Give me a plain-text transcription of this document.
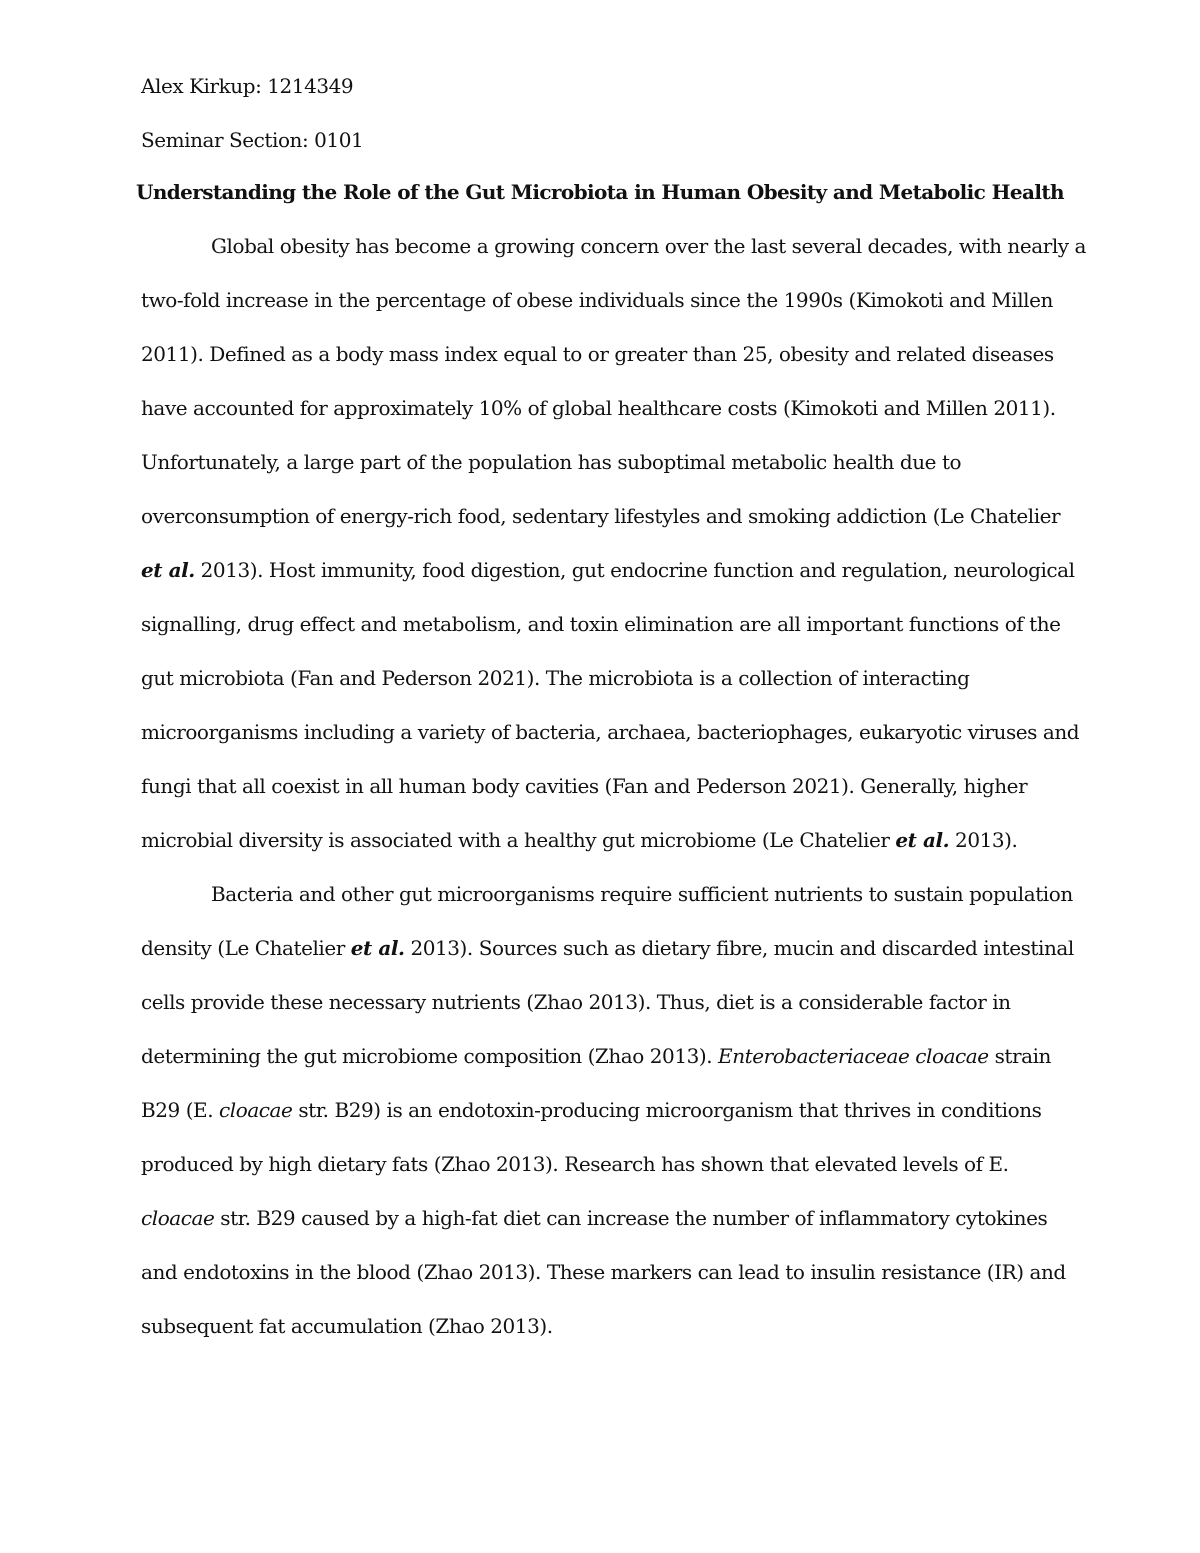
Alex Kirkup: 1214349
Seminar Section: 0101
Understanding the Role of the Gut Microbiota in Human Obesity and Metabolic Health
Global obesity has become a growing concern over the last several decades, with nearly a
two-fold increase in the percentage of obese individuals since the 1990s (Kimokoti and Millen
2011). Defined as a body mass index equal to or greater than 25, obesity and related diseases
have accounted for approximately 10% of global healthcare costs (Kimokoti and Millen 2011).
Unfortunately, a large part of the population has suboptimal metabolic health due to
overconsumption of energy-rich food, sedentary lifestyles and smoking addiction (Le Chatelier
et al. 2013). Host immunity, food digestion, gut endocrine function and regulation, neurological
signalling, drug effect and metabolism, and toxin elimination are all important functions of the
gut microbiota (Fan and Pederson 2021). The microbiota is a collection of interacting
microorganisms including a variety of bacteria, archaea, bacteriophages, eukaryotic viruses and
fungi that all coexist in all human body cavities (Fan and Pederson 2021). Generally, higher
microbial diversity is associated with a healthy gut microbiome (Le Chatelier et al. 2013).
Bacteria and other gut microorganisms require sufficient nutrients to sustain population
density (Le Chatelier et al. 2013). Sources such as dietary fibre, mucin and discarded intestinal
cells provide these necessary nutrients (Zhao 2013). Thus, diet is a considerable factor in
determining the gut microbiome composition (Zhao 2013). Enterobacteriaceae cloacae strain
B29 (E. cloacae str. B29) is an endotoxin-producing microorganism that thrives in conditions
produced by high dietary fats (Zhao 2013). Research has shown that elevated levels of E.
cloacae str. B29 caused by a high-fat diet can increase the number of inflammatory cytokines
and endotoxins in the blood (Zhao 2013). These markers can lead to insulin resistance (IR) and
subsequent fat accumulation (Zhao 2013).
